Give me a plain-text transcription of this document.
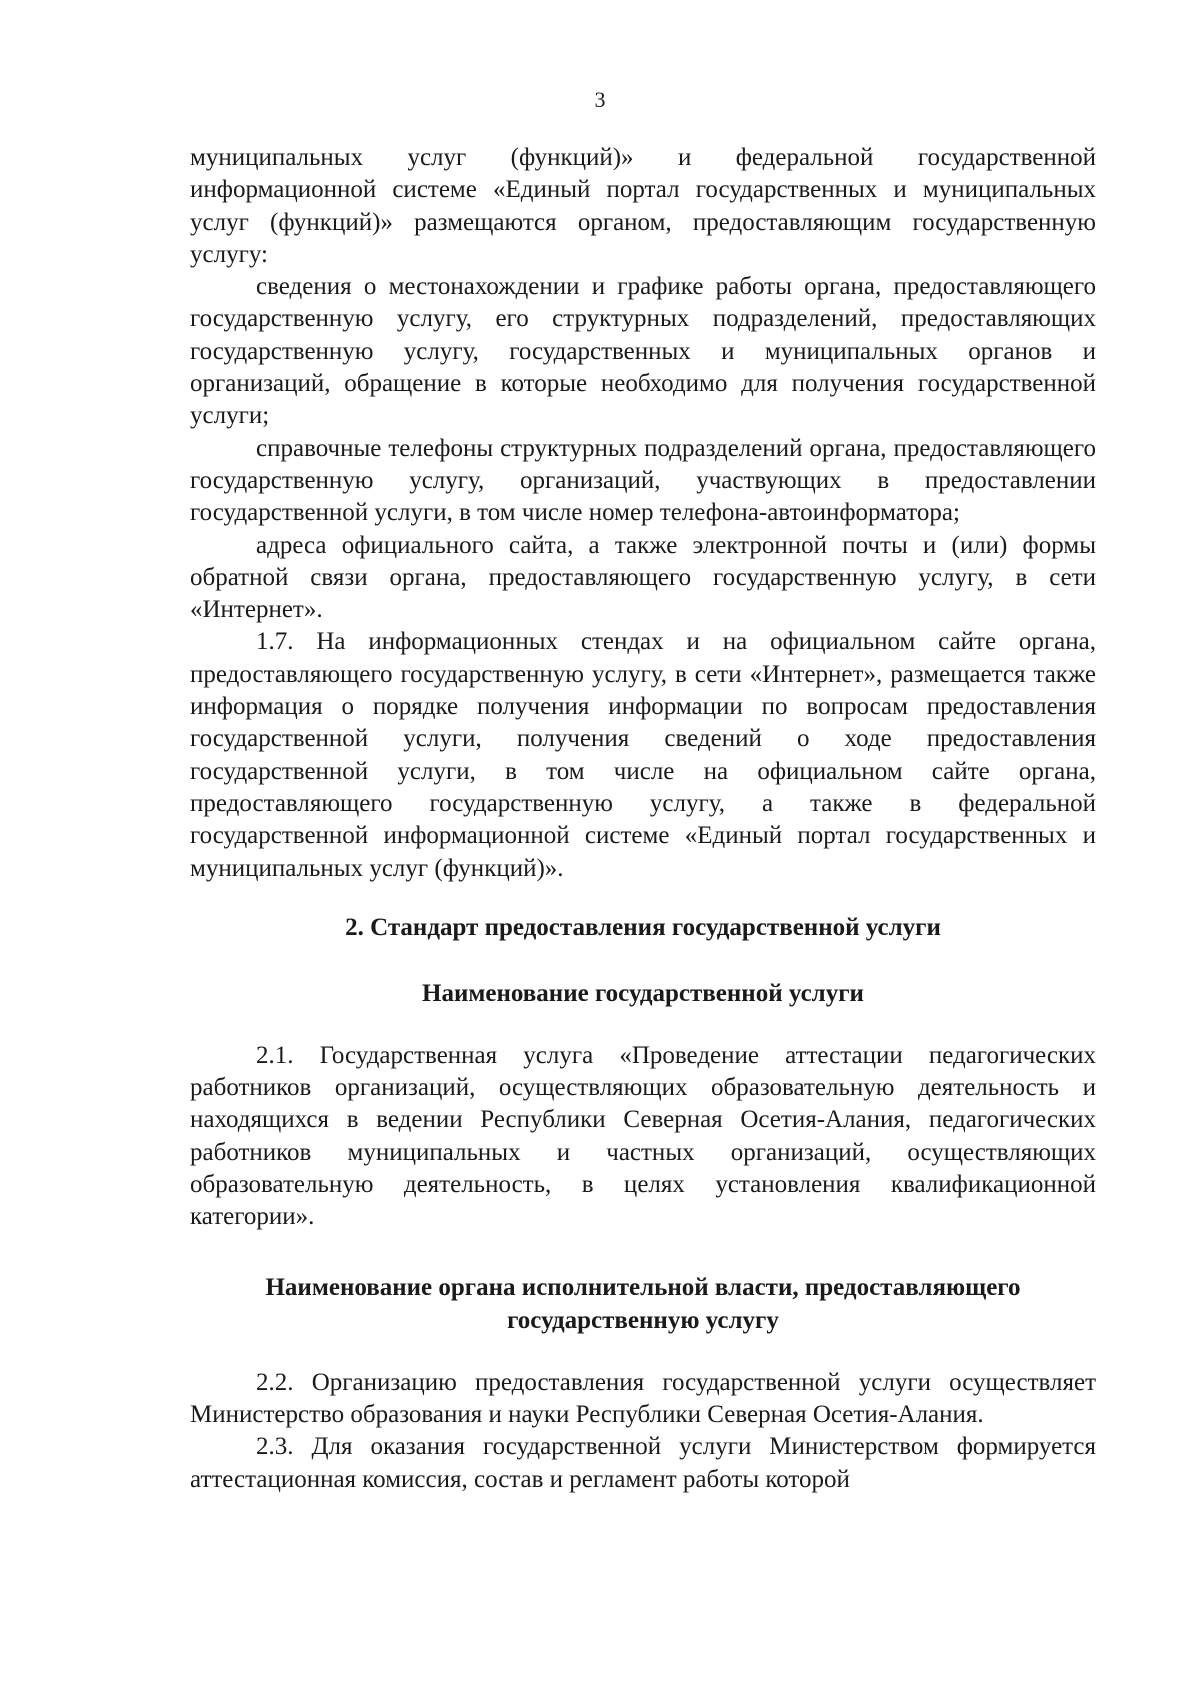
3

муниципальных услуг (функций)» и федеральной государственной информационной системе «Единый портал государственных и муниципальных услуг (функций)» размещаются органом, предоставляющим государственную услугу:

сведения о местонахождении и графике работы органа, предоставляющего государственную услугу, его структурных подразделений, предоставляющих государственную услугу, государственных и муниципальных органов и организаций, обращение в которые необходимо для получения государственной услуги;

справочные телефоны структурных подразделений органа, предоставляющего государственную услугу, организаций, участвующих в предоставлении государственной услуги, в том числе номер телефона-автоинформатора;

адреса официального сайта, а также электронной почты и (или) формы обратной связи органа, предоставляющего государственную услугу, в сети «Интернет».

1.7. На информационных стендах и на официальном сайте органа, предоставляющего государственную услугу, в сети «Интернет», размещается также информация о порядке получения информации по вопросам предоставления государственной услуги, получения сведений о ходе предоставления государственной услуги, в том числе на официальном сайте органа, предоставляющего государственную услугу, а также в федеральной государственной информационной системе «Единый портал государственных и муниципальных услуг (функций)».

2. Стандарт предоставления государственной услуги

Наименование государственной услуги

2.1. Государственная услуга «Проведение аттестации педагогических работников организаций, осуществляющих образовательную деятельность и находящихся в ведении Республики Северная Осетия-Алания, педагогических работников муниципальных и частных организаций, осуществляющих образовательную деятельность, в целях установления квалификационной категории».

Наименование органа исполнительной власти, предоставляющего

государственную услугу

2.2. Организацию предоставления государственной услуги осуществляет Министерство образования и науки Республики Северная Осетия-Алания.

2.3. Для оказания государственной услуги Министерством формируется аттестационная комиссия, состав и регламент работы которой
